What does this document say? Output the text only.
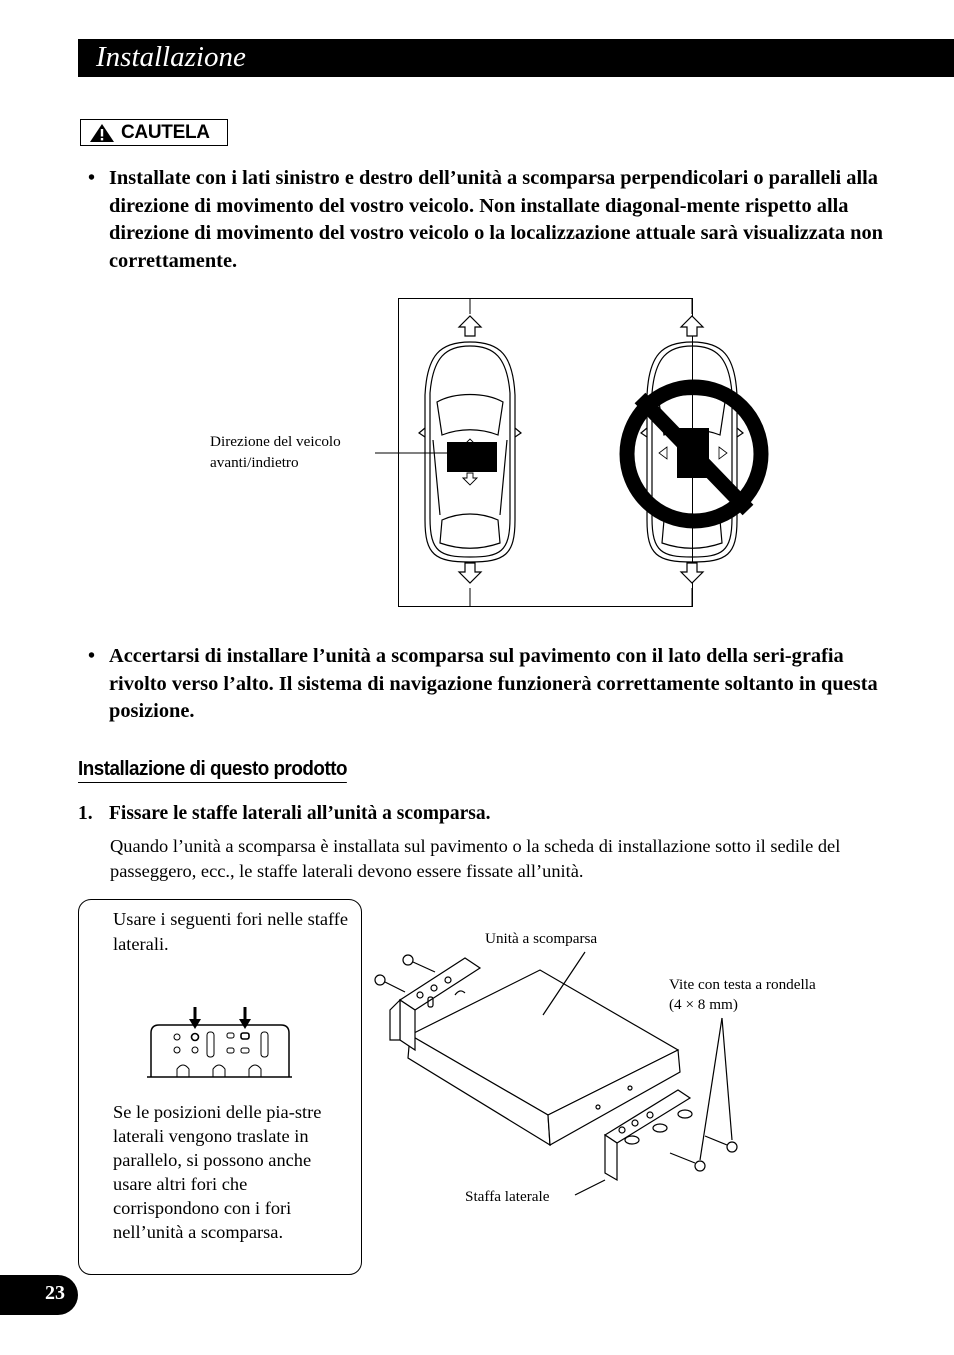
Installazione
CAUTELA
• Installate con i lati sinistro e destro dell’unità a scomparsa perpendicolari o paralleli alla direzione di movimento del vostro veicolo. Non installate diagonal-mente rispetto alla direzione di movimento del vostro veicolo o la localizzazione attuale sarà visualizzata non correttamente.

Direzione del veicolo

avanti/indietro

• Accertarsi di installare l’unità a scomparsa sul pavimento con il lato della seri-grafia rivolto verso l’alto. Il sistema di navigazione funzionerà correttamente soltanto in questa posizione.

Installazione di questo prodotto
1. Fissare le staffe laterali all’unità a scomparsa.

Quando l’unità a scomparsa è installata sul pavimento o la scheda di installazione sotto il sedile del passeggero, ecc., le staffe laterali devono essere fissate all’unità.

Usare i seguenti fori nelle staffe laterali.

Se le posizioni delle pia-stre laterali vengono traslate in parallelo, si possono anche usare altri fori che corrispondono con i fori nell’unità a scomparsa.

Unità a scomparsa

Vite con testa a rondella

(4 × 8 mm)

Staffa laterale

23
